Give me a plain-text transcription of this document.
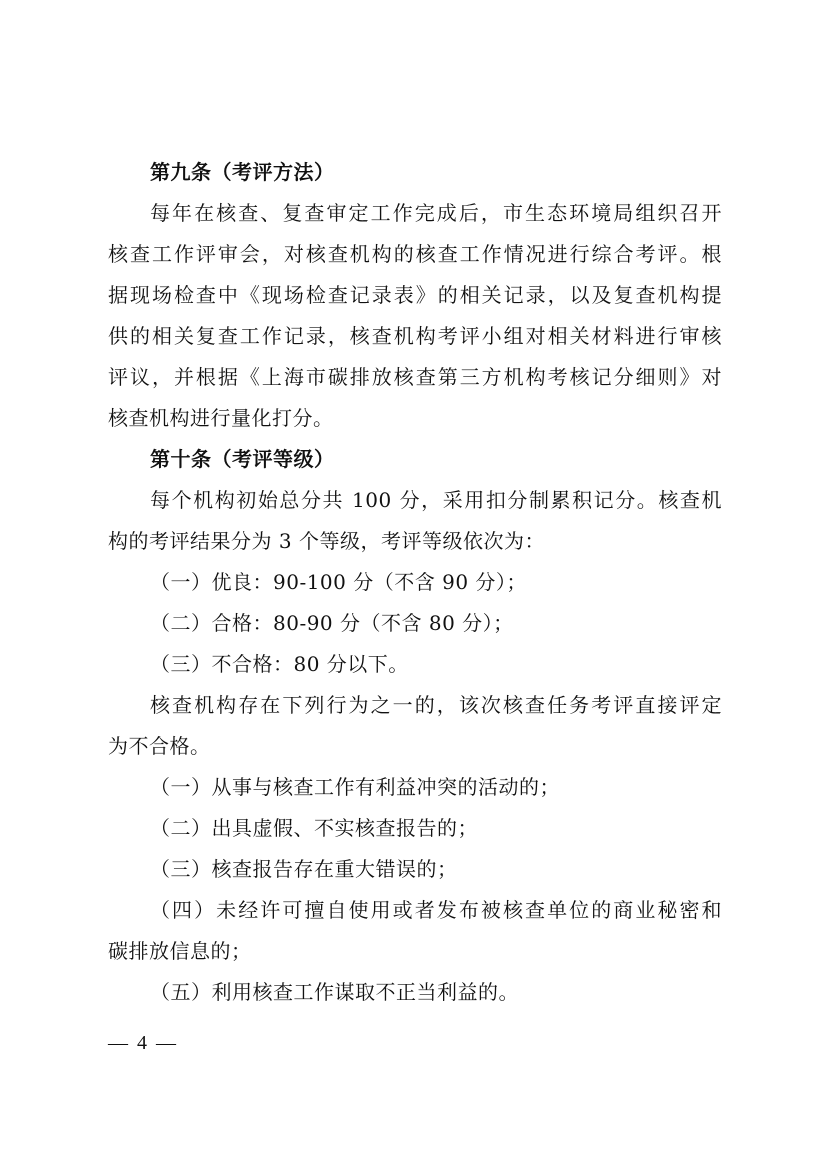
第九条（考评方法）
每年在核查、复查审定工作完成后，市生态环境局组织召开
核查工作评审会，对核查机构的核查工作情况进行综合考评。根
据现场检查中《现场检查记录表》的相关记录，以及复查机构提
供的相关复查工作记录，核查机构考评小组对相关材料进行审核
评议，并根据《上海市碳排放核查第三方机构考核记分细则》对
核查机构进行量化打分。
第十条（考评等级）
每个机构初始总分共 100 分，采用扣分制累积记分。核查机
构的考评结果分为 3 个等级，考评等级依次为：
（一）优良：90-100 分（不含 90 分）；
（二）合格：80-90 分（不含 80 分）；
（三）不合格：80 分以下。
核查机构存在下列行为之一的，该次核查任务考评直接评定
为不合格。
（一）从事与核查工作有利益冲突的活动的；
（二）出具虚假、不实核查报告的；
（三）核查报告存在重大错误的；
（四）未经许可擅自使用或者发布被核查单位的商业秘密和
碳排放信息的；
（五）利用核查工作谋取不正当利益的。
— 4 —
